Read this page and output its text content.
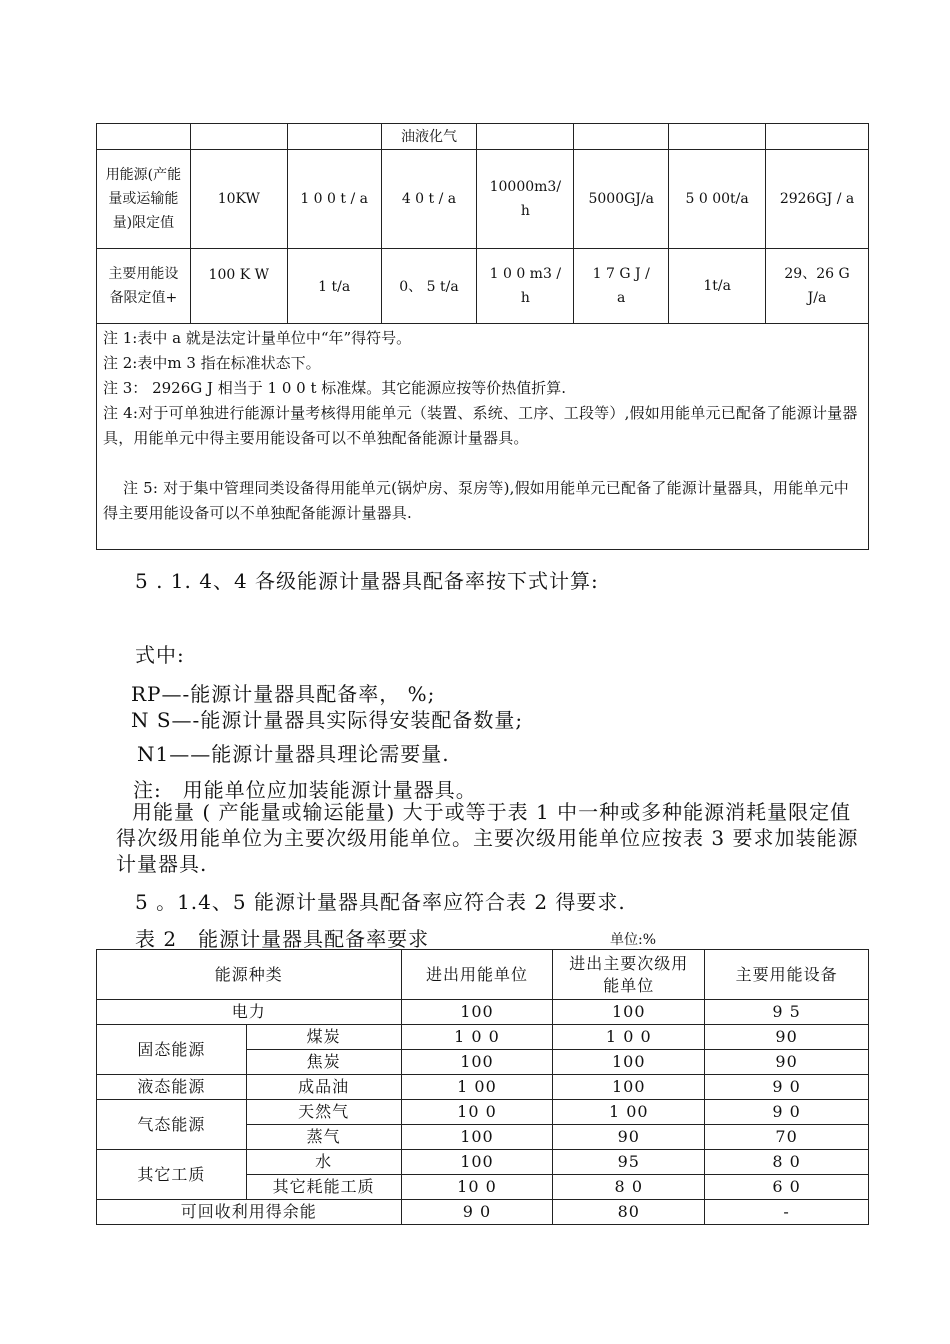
			油液化气				
用能源(产能量或运输能量)限定值	10KW	1 0 0 t / a	4 0 t / a	10000m3/h	5000GJ/a	5 0 00t/a	2926GJ / a
主要用能设备限定值+	100 K W	1 t/a	0、 5 t/a	1 0 0 m3 / h	1 7 G J / a	1t/a	29、26 G J/a

注 1:表中 a 就是法定计量单位中“年”得符号。
注 2:表中m 3 指在标准状态下。
注 3： 2926G J 相当于 1 0 0 t 标准煤。其它能源应按等价热值折算.
注 4:对于可单独进行能源计量考核得用能单元（装置、系统、工序、工段等）,假如用能单元已配备了能源计量器具，用能单元中得主要用能设备可以不单独配备能源计量器具。
注 5: 对于集中管理同类设备得用能单元(锅炉房、泵房等),假如用能单元已配备了能源计量器具，用能单元中得主要用能设备可以不单独配备能源计量器具.							
5 . 1. 4、4 各级能源计量器具配备率按下式计算:
式中:
RP—-能源计量器具配备率， %;
N S—-能源计量器具实际得安装配备数量;
N1——能源计量器具理论需要量.
注:　用能单位应加装能源计量器具。
用能量 ( 产能量或输运能量) 大于或等于表 1 中一种或多种能源消耗量限定值得次级用能单位为主要次级用能单位。主要次级用能单位应按表 3 要求加装能源计量器具.
5 。1.4、5 能源计量器具配备率应符合表 2 得要求.
表 2　能源计量器具配备率要求	单位:%
能源种类		进出用能单位	进出主要次级用能单位	主要用能设备
电力		100	100	9 5
固态能源	煤炭	1 0 0	1 0 0	90
	焦炭	100	100	90
液态能源	成品油	1 00	100	9 0
气态能源	天然气	10 0	1 00	9 0
	蒸气	100	90	70
其它工质	水	100	95	8 0
	其它耗能工质	10 0	8 0	6 0
可回收利用得余能		9 0	80	-
